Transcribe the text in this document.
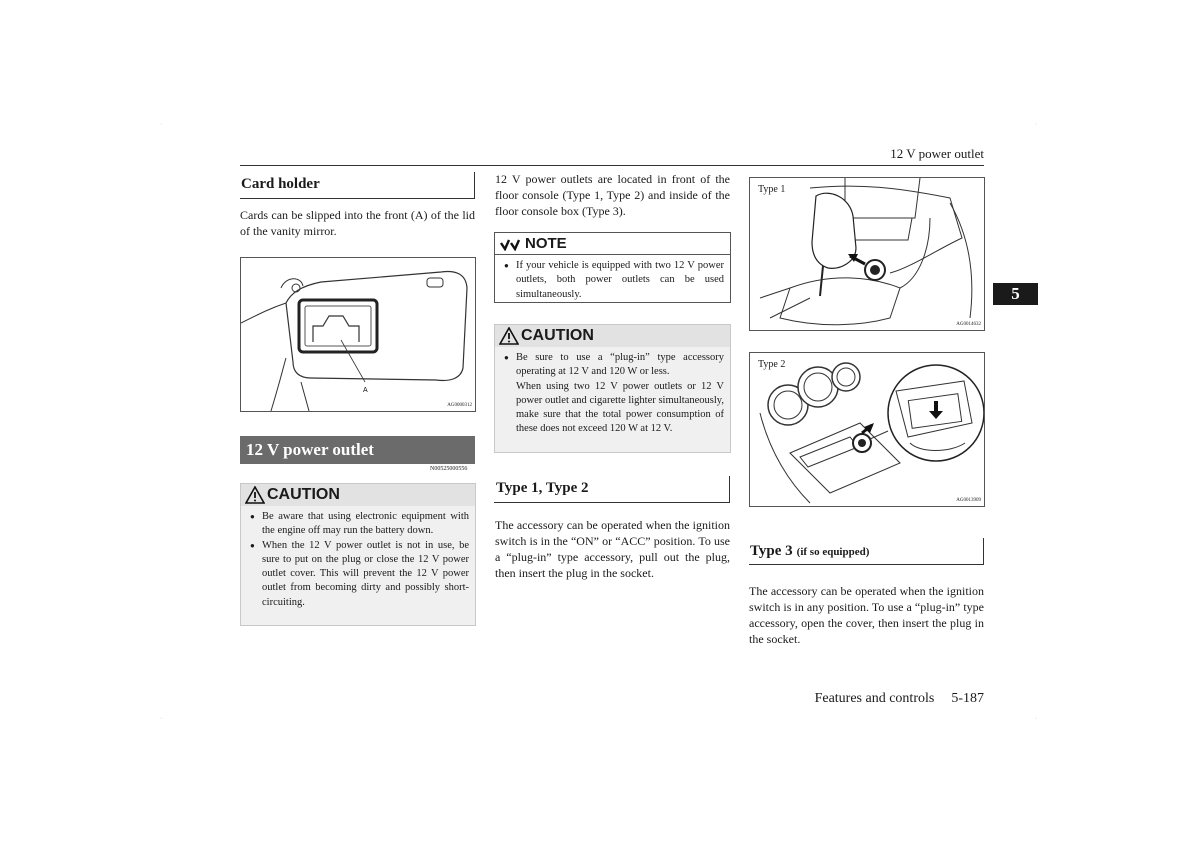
·	·
·	·
12 V power outlet
5
Card holder
Cards can be slipped into the front (A) of the lid of the vanity mirror.
A
AG0000312
12 V power outlet
N00525000556
CAUTION
● Be aware that using electronic equipment with the engine off may run the battery down.
● When the 12 V power outlet is not in use, be sure to put on the plug or close the 12 V power outlet cover. This will prevent the 12 V power outlet from becoming dirty and possibly short-circuiting.
12 V power outlets are located in front of the floor console (Type 1, Type 2) and inside of the floor console box (Type 3).
NOTE
● If your vehicle is equipped with two 12 V power outlets, both power outlets can be used simultaneously.
CAUTION
● Be sure to use a “plug-in” type accessory operating at 12 V and 120 W or less.
When using two 12 V power outlets or 12 V power outlet and cigarette lighter simultaneously, make sure that the total power consumption of these does not exceed 120 W at 12 V.
Type 1, Type 2
The accessory can be operated when the ignition switch is in the “ON” or “ACC” position. To use a “plug-in” type accessory, pull out the plug, then insert the plug in the socket.
Type 1
AG0014632
Type 2
AG0013909
Type 3 (if so equipped)
The accessory can be operated when the ignition switch is in any position. To use a “plug-in” type accessory, open the cover, then insert the plug in the socket.
Features and controls 5-187
